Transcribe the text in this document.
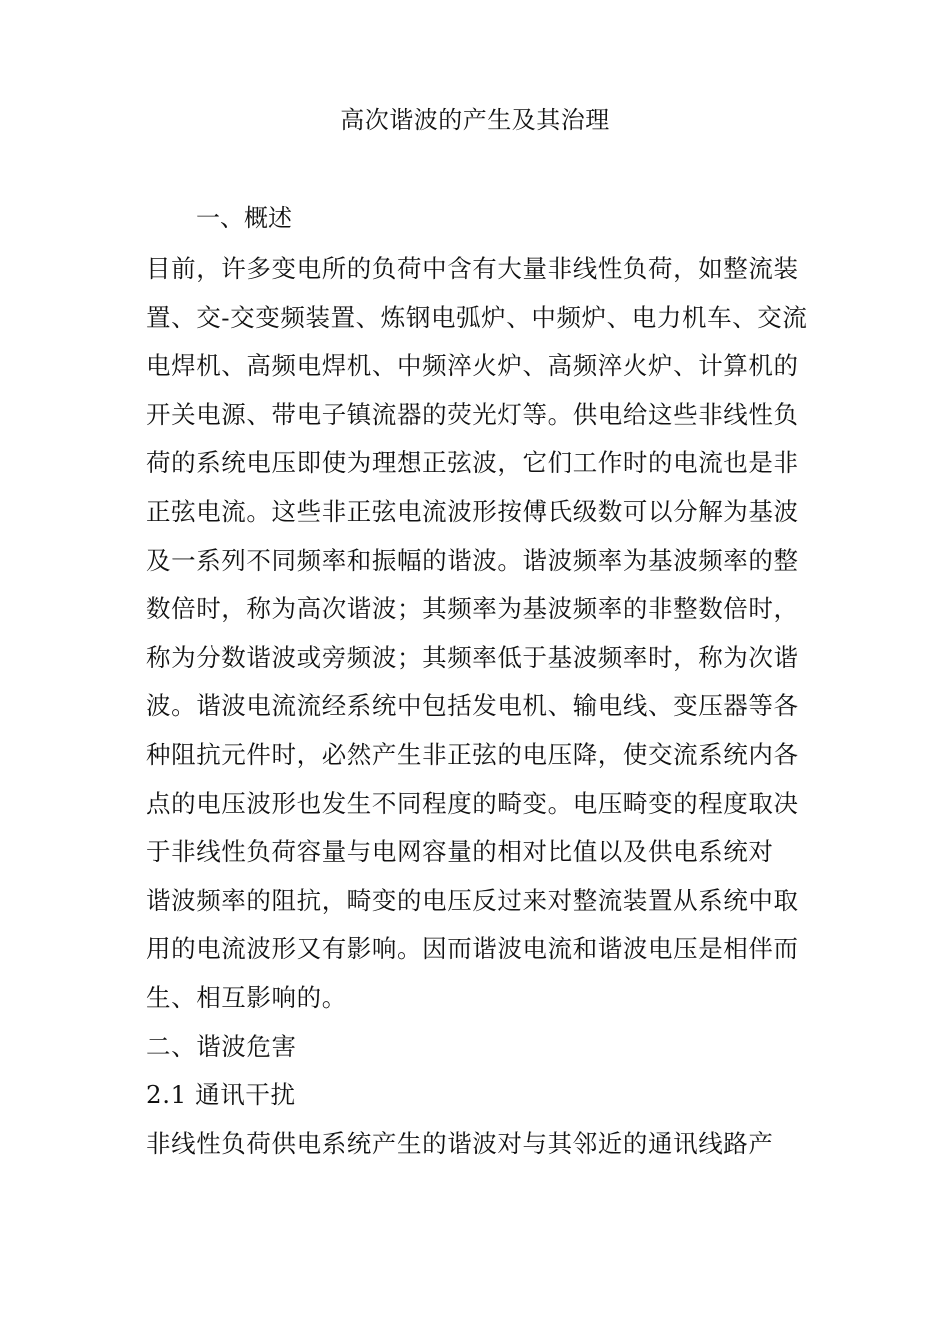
高次谐波的产生及其治理
一、概述
目前，许多变电所的负荷中含有大量非线性负荷，如整流装
置、交-交变频装置、炼钢电弧炉、中频炉、电力机车、交流
电焊机、高频电焊机、中频淬火炉、高频淬火炉、计算机的
开关电源、带电子镇流器的荧光灯等。供电给这些非线性负
荷的系统电压即使为理想正弦波，它们工作时的电流也是非
正弦电流。这些非正弦电流波形按傅氏级数可以分解为基波
及一系列不同频率和振幅的谐波。谐波频率为基波频率的整
数倍时，称为高次谐波；其频率为基波频率的非整数倍时，
称为分数谐波或旁频波；其频率低于基波频率时，称为次谐
波。谐波电流流经系统中包括发电机、输电线、变压器等各
种阻抗元件时，必然产生非正弦的电压降，使交流系统内各
点的电压波形也发生不同程度的畸变。电压畸变的程度取决
于非线性负荷容量与电网容量的相对比值以及供电系统对
谐波频率的阻抗，畸变的电压反过来对整流装置从系统中取
用的电流波形又有影响。因而谐波电流和谐波电压是相伴而
生、相互影响的。
二、谐波危害
2.1 通讯干扰
非线性负荷供电系统产生的谐波对与其邻近的通讯线路产
